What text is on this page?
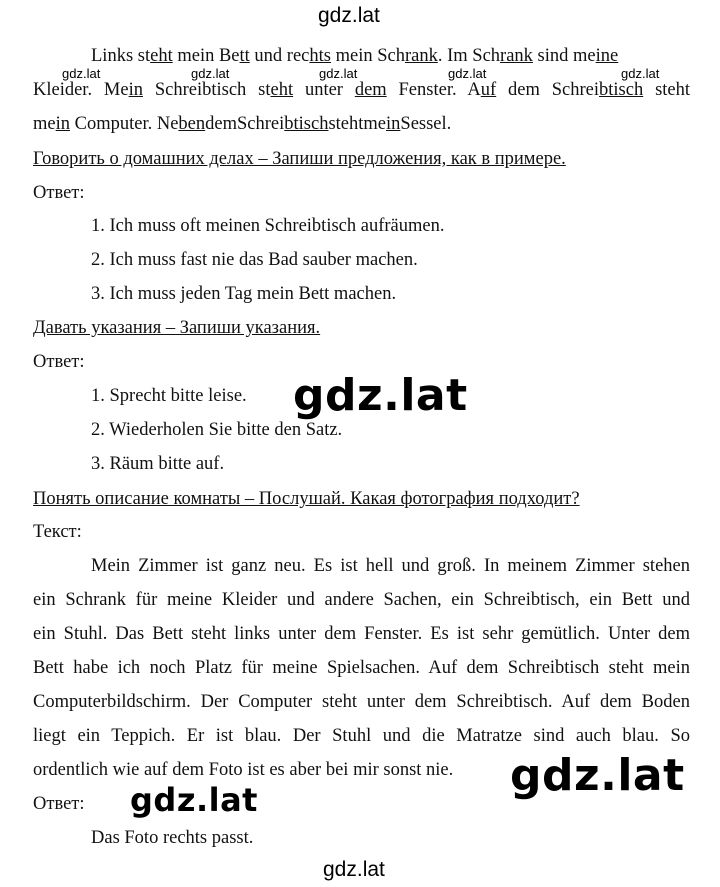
gdz.lat
Links steht mein Bett und rechts mein Schrank. Im Schrank sind meine
Kleider. Mein Schreibtisch steht unter dem Fenster. Auf dem Schreibtisch steht
mein Computer. NebendemSchreibtischstehtmeinSessel.
gdz.lat	gdz.lat	gdz.lat	gdz.lat	gdz.lat
Говорить о домашних делах – Запиши предложения, как в примере.
Ответ:
1. Ich muss oft meinen Schreibtisch aufräumen.
2. Ich muss fast nie das Bad sauber machen.
3. Ich muss jeden Tag mein Bett machen.
Давать указания – Запиши указания.
Ответ:
1. Sprecht bitte leise.
2. Wiederholen Sie bitte den Satz.
3. Räum bitte auf.
gdz.lat
Понять описание комнаты – Послушай. Какая фотография подходит?
Текст:
Mein Zimmer ist ganz neu. Es ist hell und groß. In meinem Zimmer stehen
ein Schrank für meine Kleider und andere Sachen, ein Schreibtisch, ein Bett und
ein Stuhl. Das Bett steht links unter dem Fenster. Es ist sehr gemütlich. Unter dem
Bett habe ich noch Platz für meine Spielsachen. Auf dem Schreibtisch steht mein
Computerbildschirm. Der Computer steht unter dem Schreibtisch. Auf dem Boden
liegt ein Teppich. Er ist blau. Der Stuhl und die Matratze sind auch blau. So
ordentlich wie auf dem Foto ist es aber bei mir sonst nie.
Ответ:
Das Foto rechts passt.
gdz.lat
gdz.lat
gdz.lat
